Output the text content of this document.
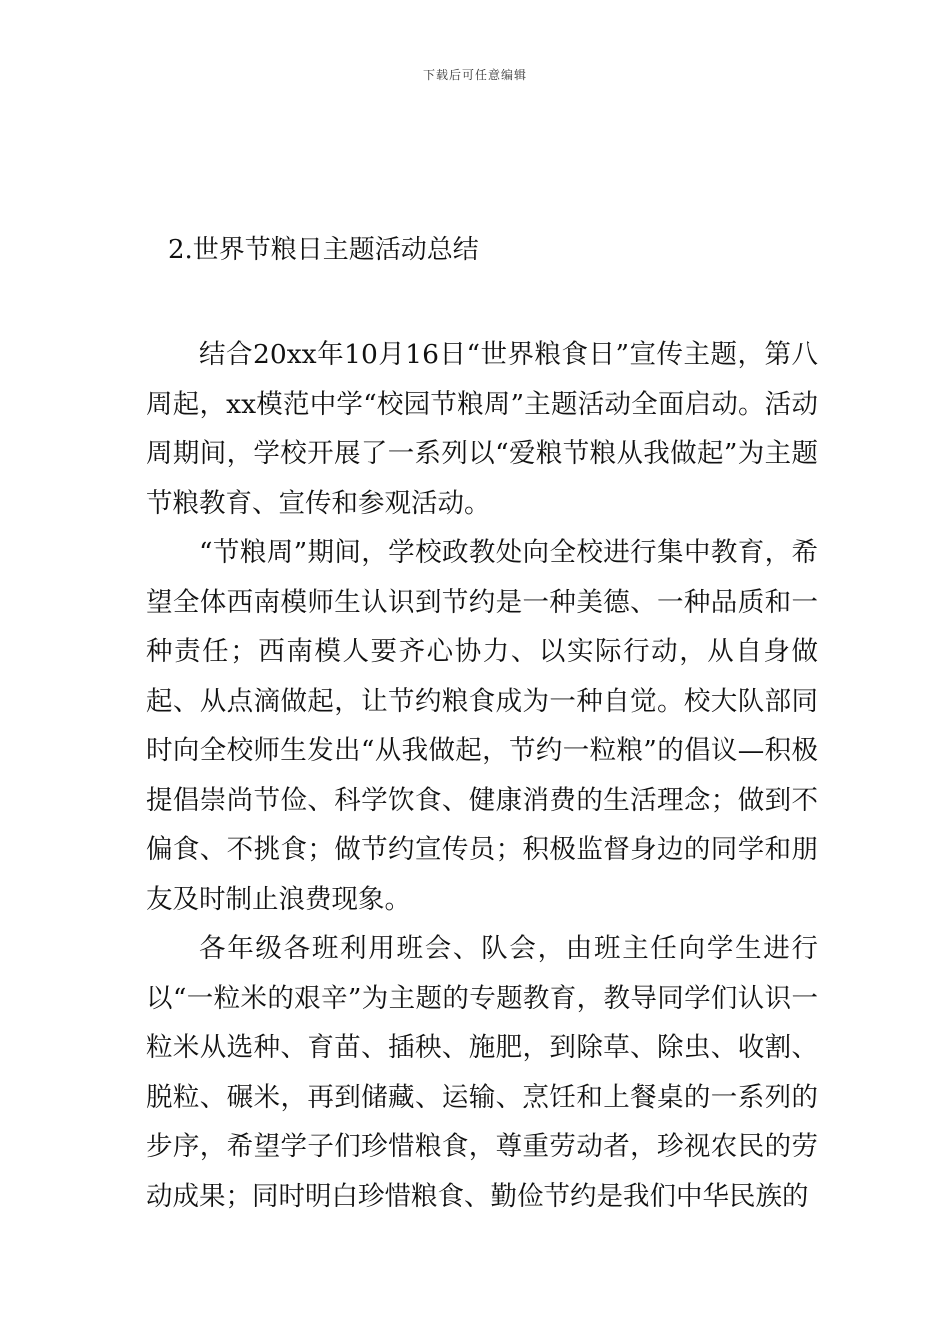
下载后可任意编辑
2.世界节粮日主题活动总结

结合20xx年10月16日“世界粮食日”宣传主题，第八周起，xx模范中学“校园节粮周”主题活动全面启动。活动周期间，学校开展了一系列以“爱粮节粮从我做起”为主题节粮教育、宣传和参观活动。

“节粮周”期间，学校政教处向全校进行集中教育，希望全体西南模师生认识到节约是一种美德、一种品质和一种责任；西南模人要齐心协力、以实际行动，从自身做起、从点滴做起，让节约粮食成为一种自觉。校大队部同时向全校师生发出“从我做起，节约一粒粮”的倡议—积极提倡崇尚节俭、科学饮食、健康消费的生活理念；做到不偏食、不挑食；做节约宣传员；积极监督身边的同学和朋友及时制止浪费现象。

各年级各班利用班会、队会，由班主任向学生进行以“一粒米的艰辛”为主题的专题教育，教导同学们认识一粒米从选种、育苗、插秧、施肥，到除草、除虫、收割、脱粒、碾米，再到储藏、运输、烹饪和上餐桌的一系列的步序，希望学子们珍惜粮食，尊重劳动者，珍视农民的劳动成果；同时明白珍惜粮食、勤俭节约是我们中华民族的
